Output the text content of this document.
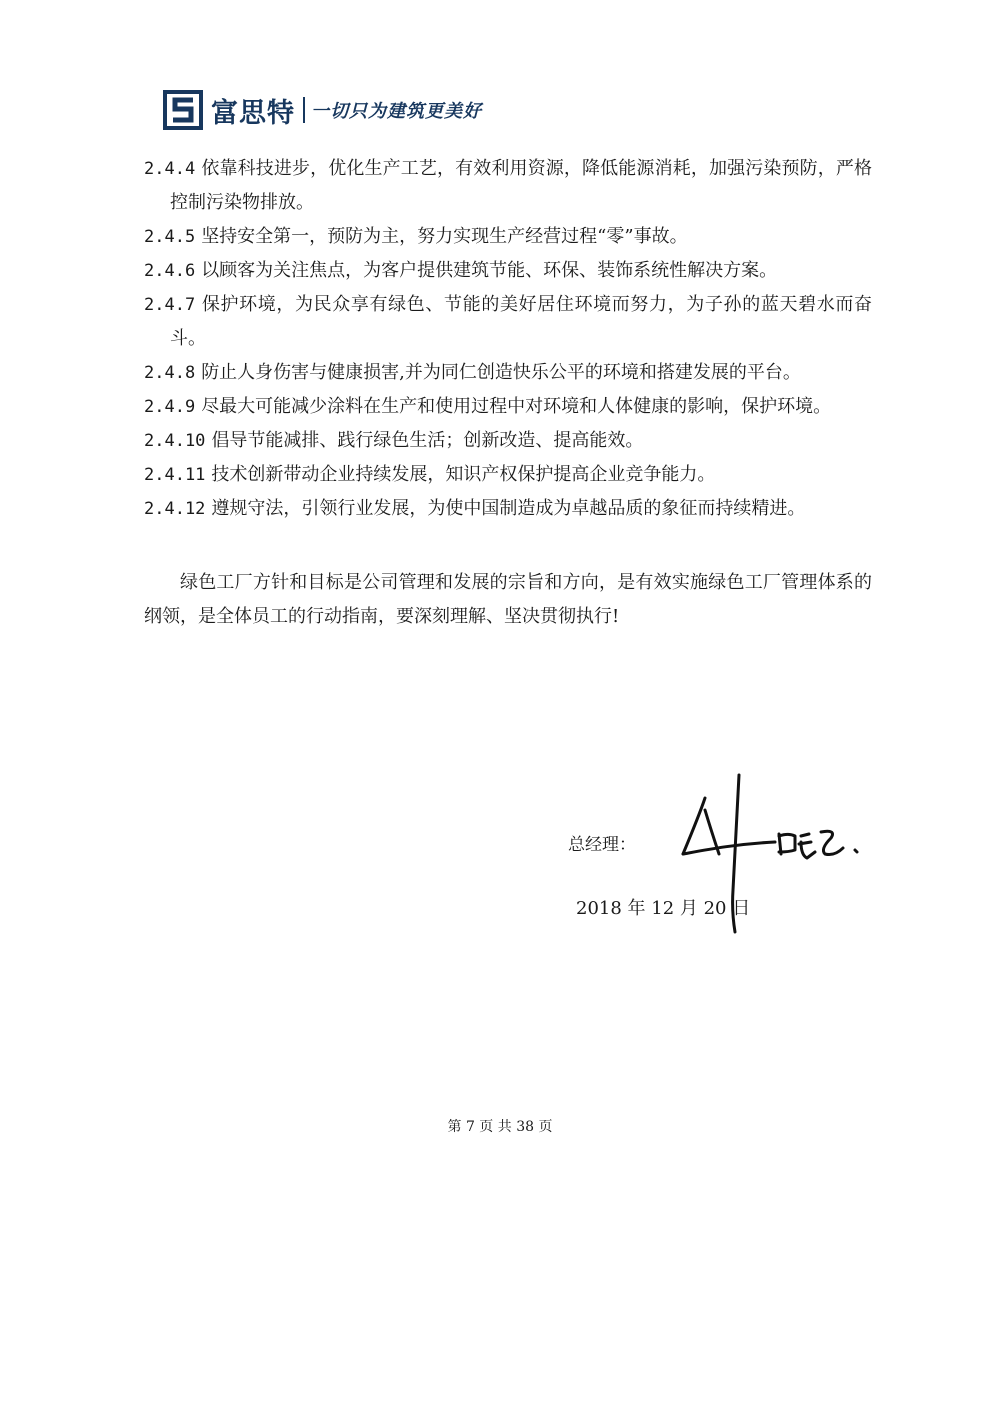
富思特 一切只为建筑更美好
2.4.4 依靠科技进步，优化生产工艺，有效利用资源，降低能源消耗，加强污染预防，严格控制污染物排放。
2.4.5 坚持安全第一，预防为主，努力实现生产经营过程“零”事故。
2.4.6 以顾客为关注焦点，为客户提供建筑节能、环保、装饰系统性解决方案。
2.4.7 保护环境，为民众享有绿色、节能的美好居住环境而努力，为子孙的蓝天碧水而奋斗。
2.4.8 防止人身伤害与健康损害,并为同仁创造快乐公平的环境和搭建发展的平台。
2.4.9 尽最大可能减少涂料在生产和使用过程中对环境和人体健康的影响，保护环境。
2.4.10 倡导节能减排、践行绿色生活；创新改造、提高能效。
2.4.11 技术创新带动企业持续发展，知识产权保护提高企业竞争能力。
2.4.12 遵规守法，引领行业发展，为使中国制造成为卓越品质的象征而持续精进。
绿色工厂方针和目标是公司管理和发展的宗旨和方向，是有效实施绿色工厂管理体系的纲领，是全体员工的行动指南，要深刻理解、坚决贯彻执行!
总经理：
2018 年 12 月 20 日
第 7 页 共 38 页
